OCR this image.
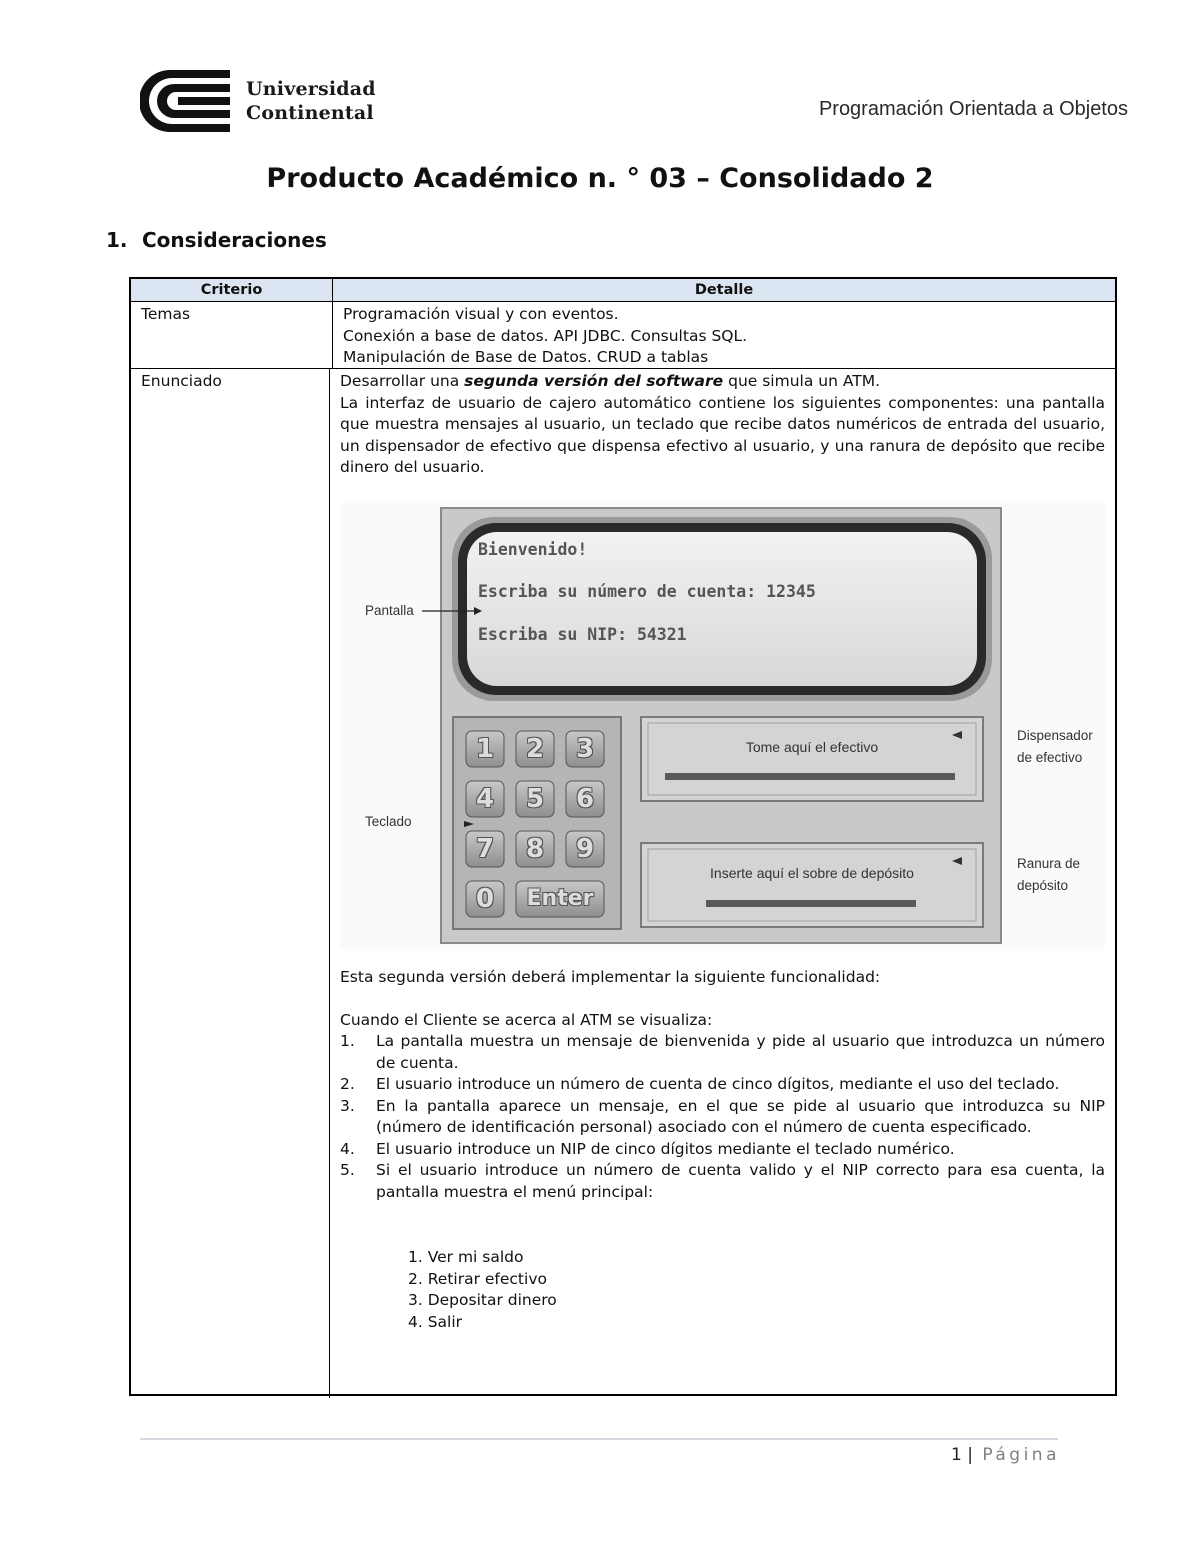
Universidad
Continental	Programación Orientada a Objetos
Producto Académico n. ° 03 – Consolidado 2
1. Consideraciones
Criterio	Detalle
Temas	Programación visual y con eventos.
Conexión a base de datos. API JDBC. Consultas SQL.
Manipulación de Base de Datos. CRUD a tablas
Enunciado	Desarrollar una segunda versión del software que simula un ATM.
La interfaz de usuario de cajero automático contiene los siguientes componentes: una pantalla que muestra mensajes al usuario, un teclado que recibe datos numéricos de entrada del usuario, un dispensador de efectivo que dispensa efectivo al usuario, y una ranura de depósito que recibe dinero del usuario.
Bienvenido!
Escriba su número de cuenta: 12345
Escriba su NIP: 54321
Pantalla
Teclado
Dispensador
de efectivo
Ranura de
depósito
Tome aquí el efectivo
Inserte aquí el sobre de depósito
1	2	3
4	5	6
7	8	9
0	Enter
Esta segunda versión deberá implementar la siguiente funcionalidad:
Cuando el Cliente se acerca al ATM se visualiza:
1. La pantalla muestra un mensaje de bienvenida y pide al usuario que introduzca un número de cuenta.
2. El usuario introduce un número de cuenta de cinco dígitos, mediante el uso del teclado.
3. En la pantalla aparece un mensaje, en el que se pide al usuario que introduzca su NIP (número de identificación personal) asociado con el número de cuenta especificado.
4. El usuario introduce un NIP de cinco dígitos mediante el teclado numérico.
5. Si el usuario introduce un número de cuenta valido y el NIP correcto para esa cuenta, la pantalla muestra el menú principal:
1. Ver mi saldo
2. Retirar efectivo
3. Depositar dinero
4. Salir
1 | Página
